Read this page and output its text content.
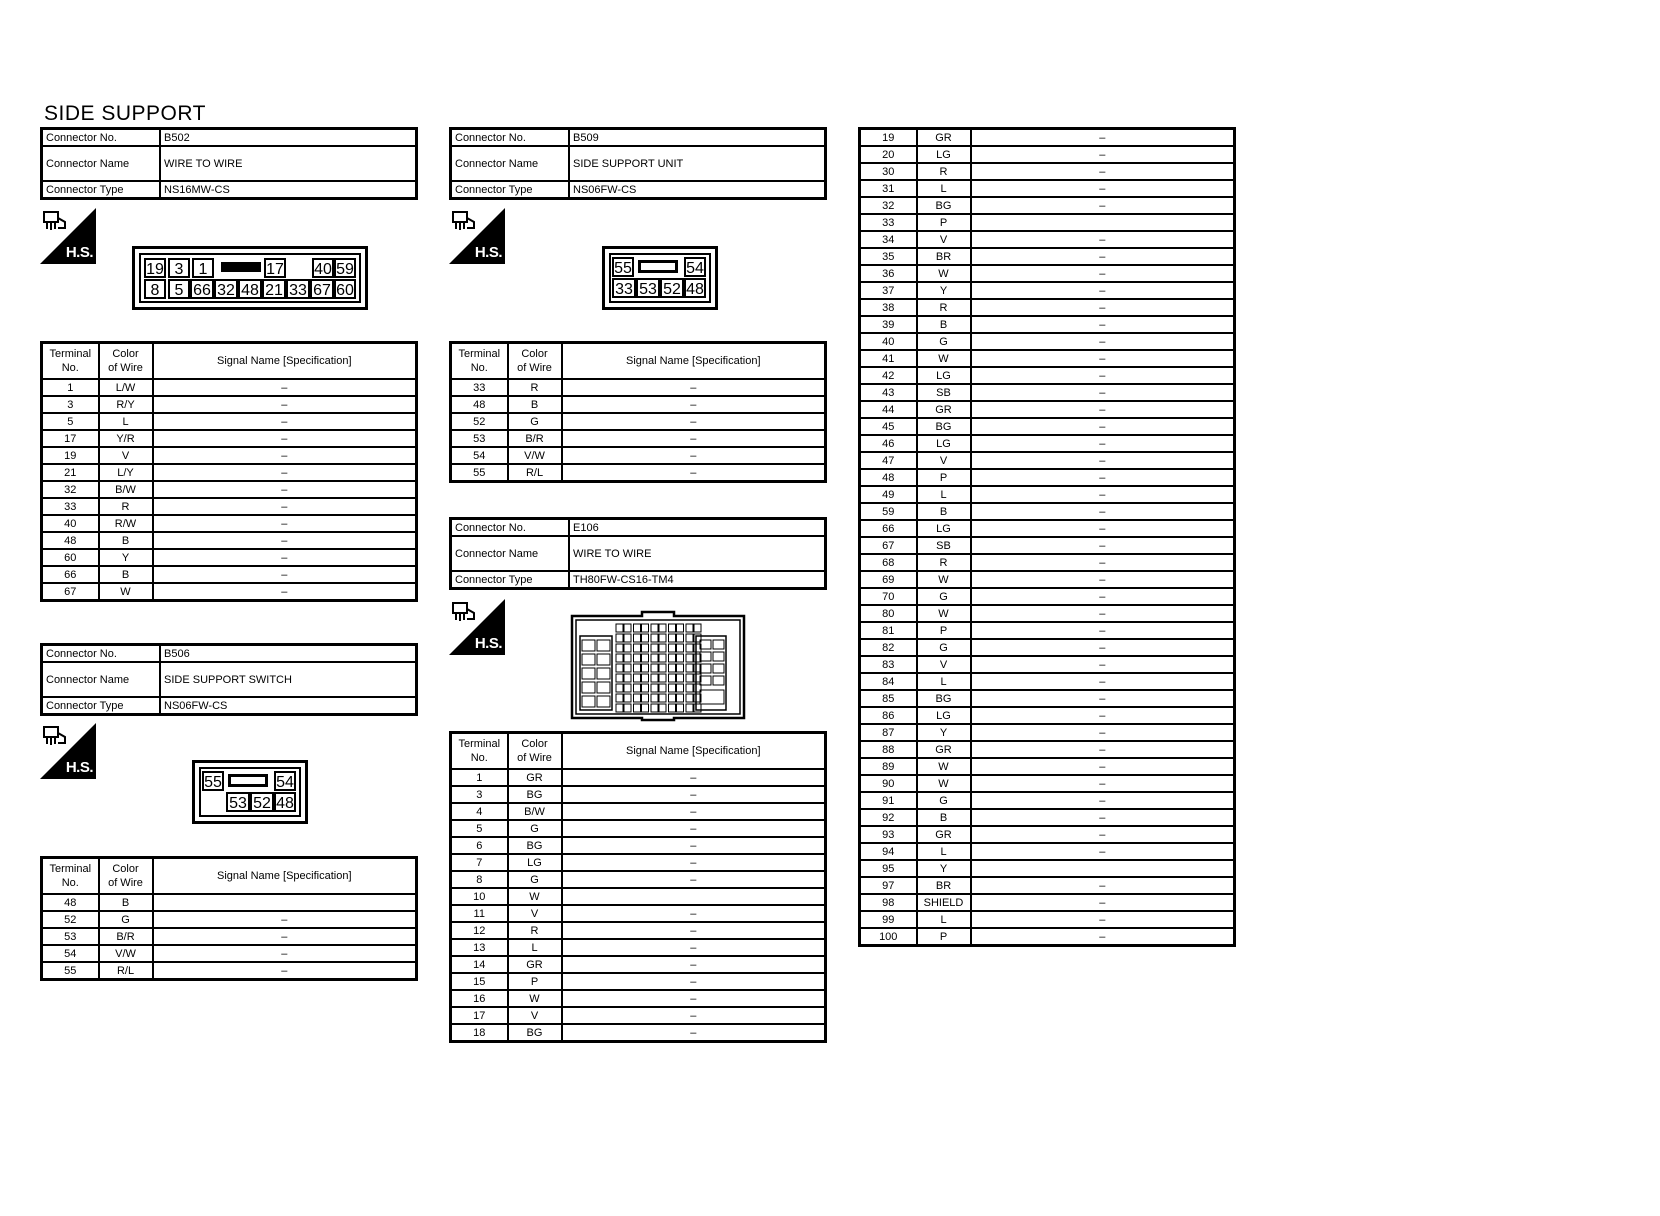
SIDE SUPPORT
Connector No.	B502
Connector Name	WIRE TO WIRE
Connector Type	NS16MW-CS
H.S.
19 3 1	17 40 59
8 5 66 32 48 21 33 67 60
Terminal
No.	Color
of Wire	Signal Name [Specification]
1	L/W	–
3	R/Y	–
5	L	–
17	Y/R	–
19	V	–
21	L/Y	–
32	B/W	–
33	R	–
40	R/W	–
48	B	–
60	Y	–
66	B	–
67	W	–
Connector No.	B506
Connector Name	SIDE SUPPORT SWITCH
Connector Type	NS06FW-CS
H.S.
55	54
53 52 48
Terminal
No.	Color
of Wire	Signal Name [Specification]
48	B	
52	G	–
53	B/R	–
54	V/W	–
55	R/L	–
Connector No.	B509
Connector Name	SIDE SUPPORT UNIT
Connector Type	NS06FW-CS
H.S.
55	54
33 53 52 48
Terminal
No.	Color
of Wire	Signal Name [Specification]
33	R	–
48	B	–
52	G	–
53	B/R	–
54	V/W	–
55	R/L	–
Connector No.	E106
Connector Name	WIRE TO WIRE
Connector Type	TH80FW-CS16-TM4
H.S.
Terminal
No.	Color
of Wire	Signal Name [Specification]
1	GR	–
3	BG	–
4	B/W	–
5	G	–
6	BG	–
7	LG	–
8	G	–
10	W	
11	V	–
12	R	–
13	L	–
14	GR	–
15	P	–
16	W	–
17	V	–
18	BG	–
19	GR	–
20	LG	–
30	R	–
31	L	–
32	BG	–
33	P	
34	V	–
35	BR	–
36	W	–
37	Y	–
38	R	–
39	B	–
40	G	–
41	W	–
42	LG	–
43	SB	–
44	GR	–
45	BG	–
46	LG	–
47	V	–
48	P	–
49	L	–
59	B	–
66	LG	–
67	SB	–
68	R	–
69	W	–
70	G	–
80	W	–
81	P	–
82	G	–
83	V	–
84	L	–
85	BG	–
86	LG	–
87	Y	–
88	GR	–
89	W	–
90	W	–
91	G	–
92	B	–
93	GR	–
94	L	–
95	Y	
97	BR	–
98	SHIELD	–
99	L	–
100	P	–
